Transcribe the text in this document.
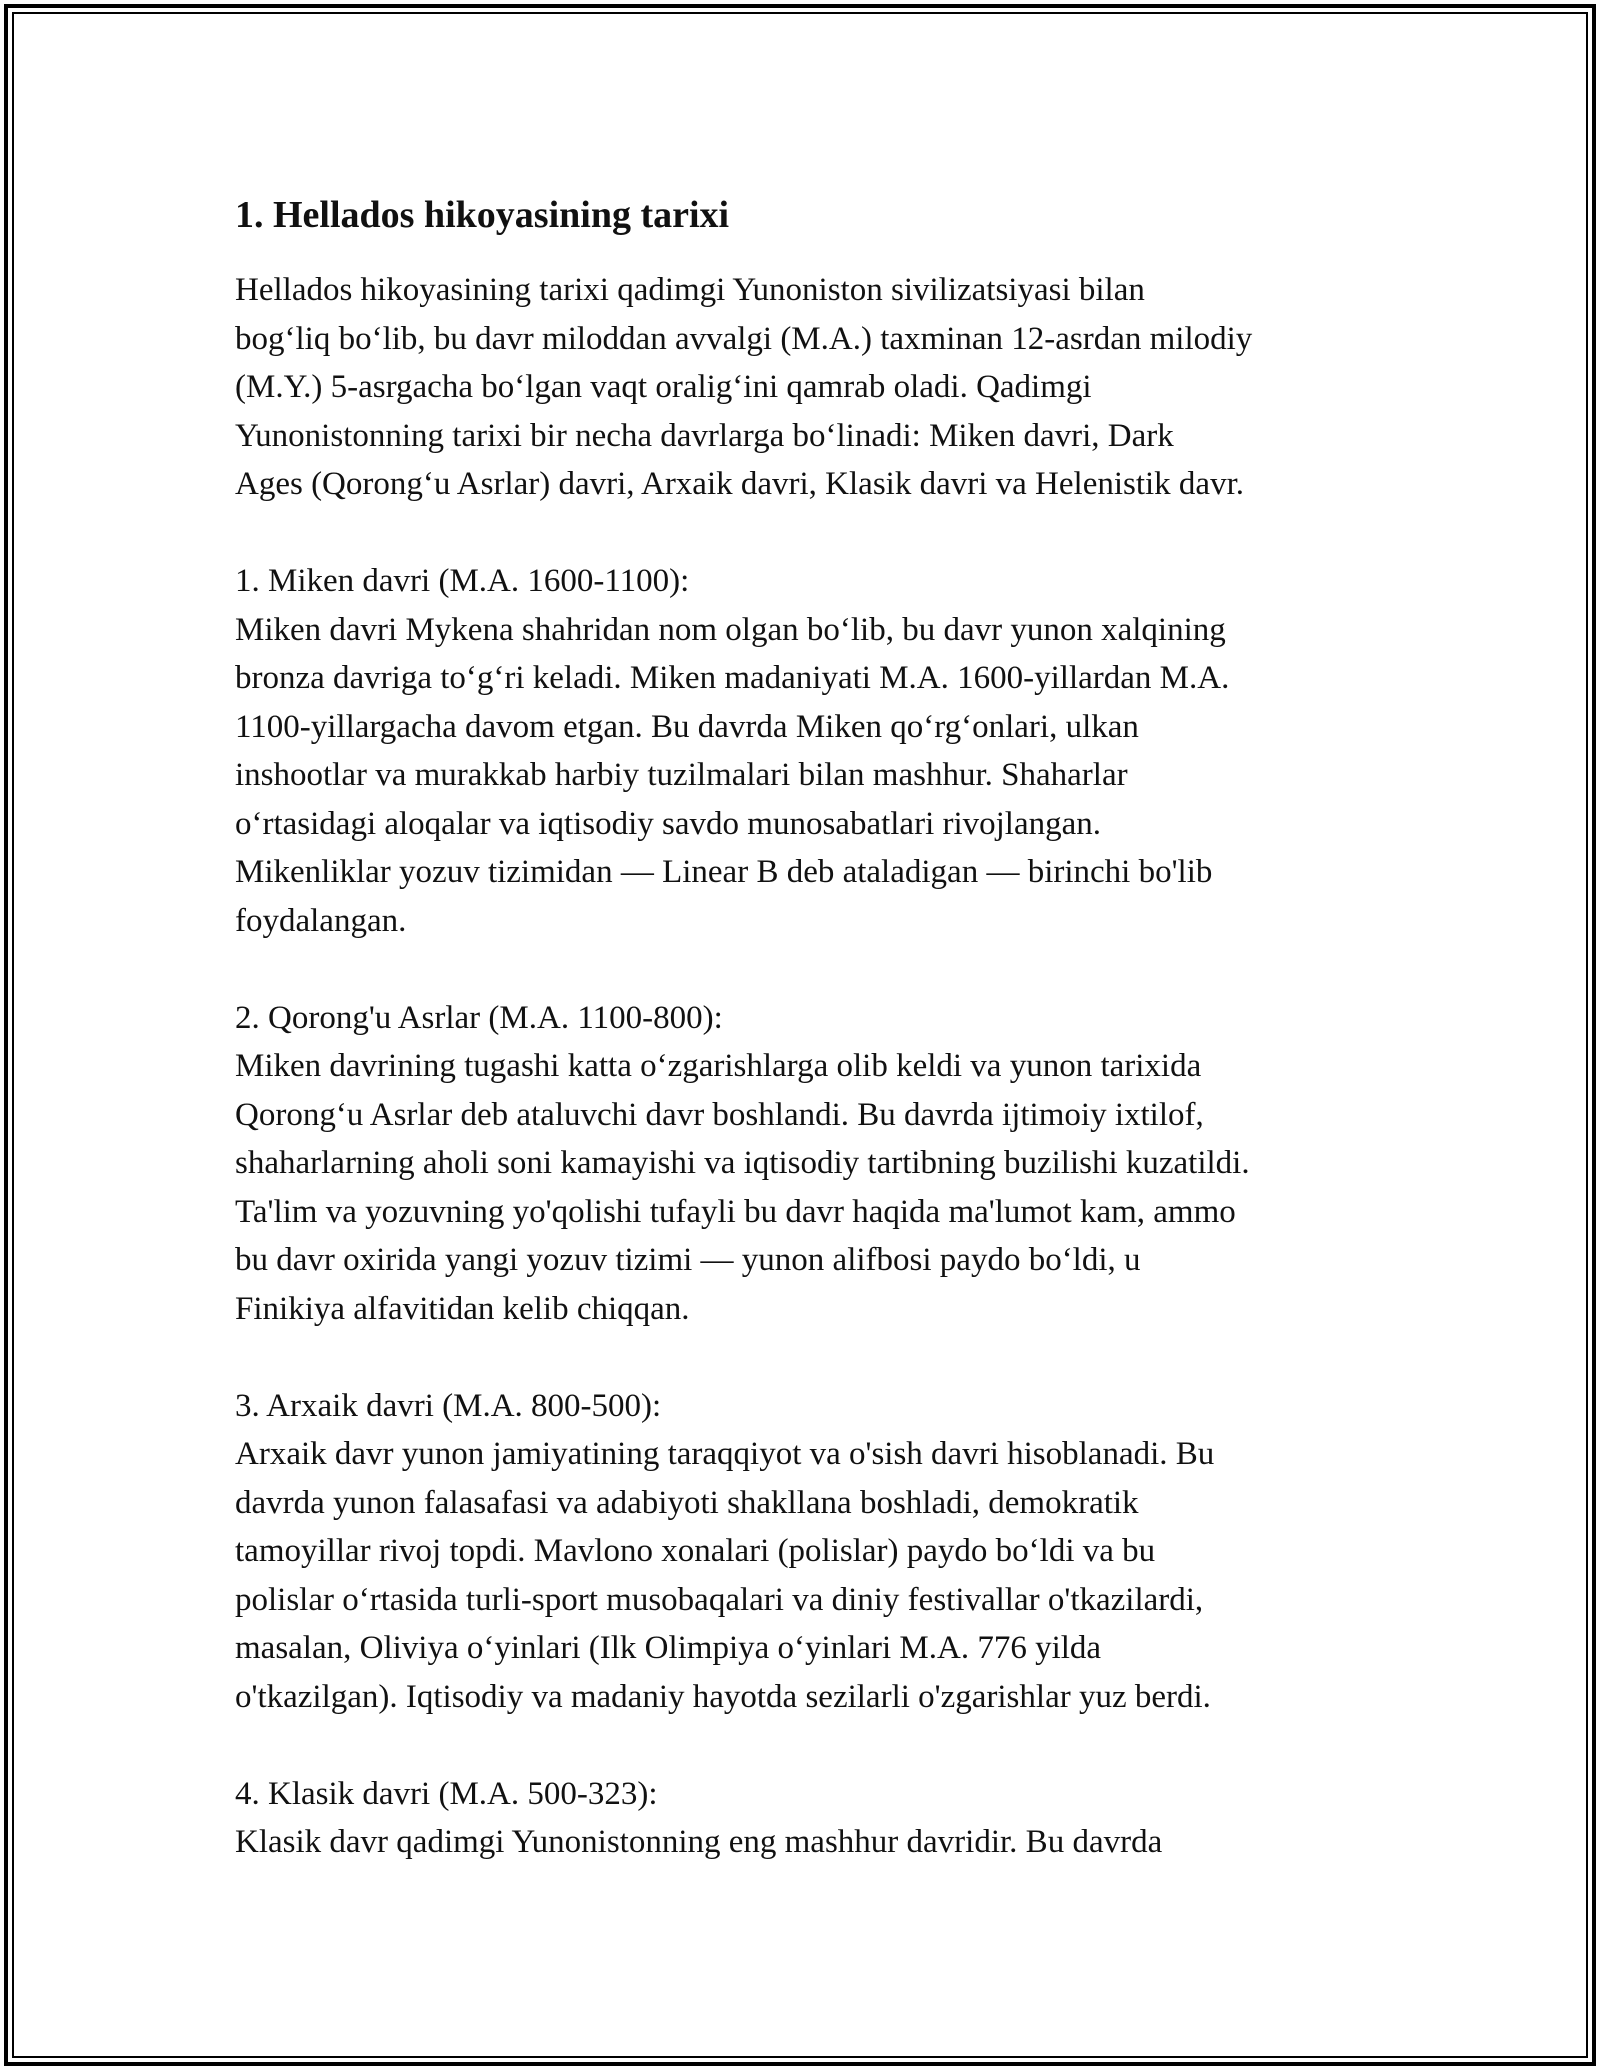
1. Hellados hikoyasining tarixi
Hellados hikoyasining tarixi qadimgi Yunoniston sivilizatsiyasi bilan
bogʻliq boʻlib, bu davr miloddan avvalgi (M.A.) taxminan 12-asrdan milodiy
(M.Y.) 5-asrgacha boʻlgan vaqt oraligʻini qamrab oladi. Qadimgi
Yunonistonning tarixi bir necha davrlarga boʻlinadi: Miken davri, Dark
Ages (Qorongʻu Asrlar) davri, Arxaik davri, Klasik davri va Helenistik davr.
1. Miken davri (M.A. 1600-1100):
Miken davri Mykena shahridan nom olgan boʻlib, bu davr yunon xalqining
bronza davriga toʻgʻri keladi. Miken madaniyati M.A. 1600-yillardan M.A.
1100-yillargacha davom etgan. Bu davrda Miken qoʻrgʻonlari, ulkan
inshootlar va murakkab harbiy tuzilmalari bilan mashhur. Shaharlar
oʻrtasidagi aloqalar va iqtisodiy savdo munosabatlari rivojlangan.
Mikenliklar yozuv tizimidan — Linear B deb ataladigan — birinchi bo'lib
foydalangan.
2. Qorong'u Asrlar (M.A. 1100-800):
Miken davrining tugashi katta oʻzgarishlarga olib keldi va yunon tarixida
Qorongʻu Asrlar deb ataluvchi davr boshlandi. Bu davrda ijtimoiy ixtilof,
shaharlarning aholi soni kamayishi va iqtisodiy tartibning buzilishi kuzatildi.
Ta'lim va yozuvning yo'qolishi tufayli bu davr haqida ma'lumot kam, ammo
bu davr oxirida yangi yozuv tizimi — yunon alifbosi paydo boʻldi, u
Finikiya alfavitidan kelib chiqqan.
3. Arxaik davri (M.A. 800-500):
Arxaik davr yunon jamiyatining taraqqiyot va o'sish davri hisoblanadi. Bu
davrda yunon falasafasi va adabiyoti shakllana boshladi, demokratik
tamoyillar rivoj topdi. Mavlono xonalari (polislar) paydo boʻldi va bu
polislar oʻrtasida turli-sport musobaqalari va diniy festivallar o'tkazilardi,
masalan, Oliviya oʻyinlari (Ilk Olimpiya oʻyinlari M.A. 776 yilda
o'tkazilgan). Iqtisodiy va madaniy hayotda sezilarli o'zgarishlar yuz berdi.
4. Klasik davri (M.A. 500-323):
Klasik davr qadimgi Yunonistonning eng mashhur davridir. Bu davrda
